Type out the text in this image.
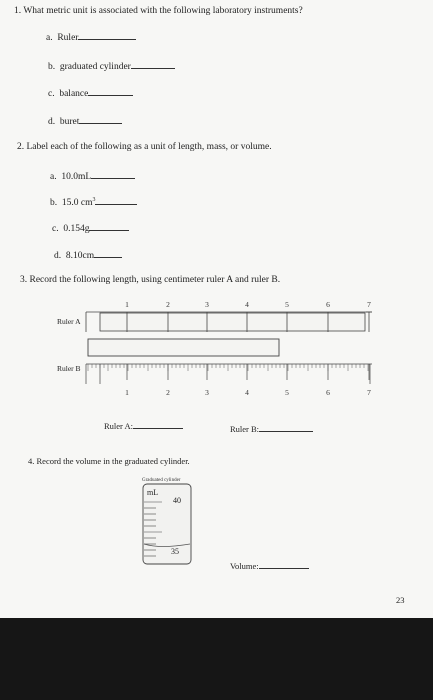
1. What metric unit is associated with the following laboratory instruments?
a. Ruler
b. graduated cylinder
c. balance
d. buret
2. Label each of the following as a unit of length, mass, or volume.
a. 10.0mL
b. 15.0 $cm^3$
c. 0.154g
d. 8.10cm
3. Record the following length, using centimeter ruler A and ruler B.
1	2	3	4	5	6	7
Ruler A
Ruler B
1	2	3	4	5	6	7
Ruler A:	Ruler B:
4. Record the volume in the graduated cylinder.
Graduated cylinder
mL
40
35
Volume:
23
